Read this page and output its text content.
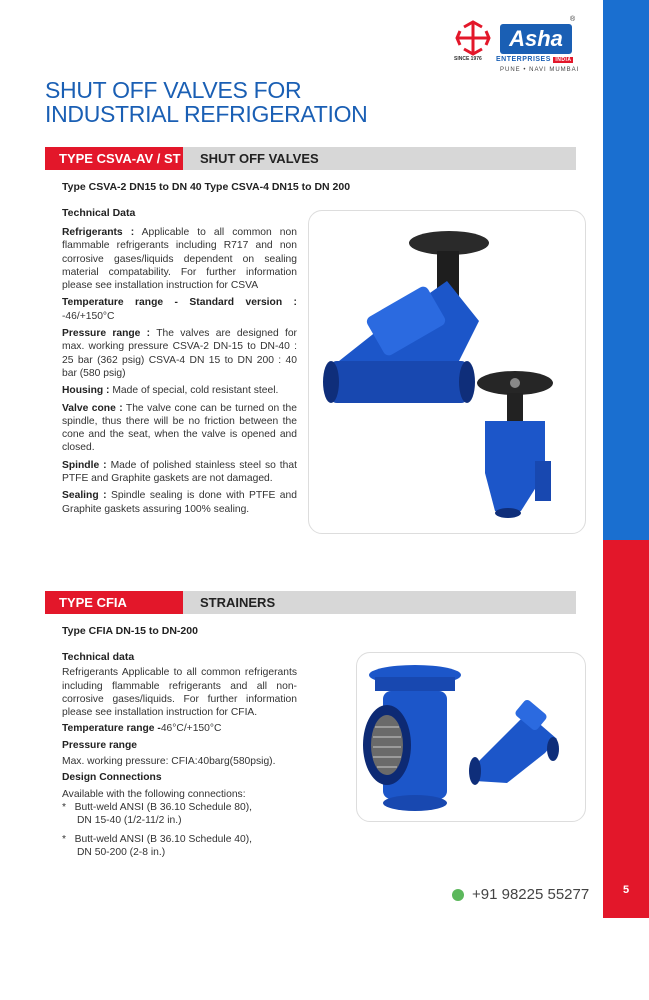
5
SINCE 1976
Asha
®
ENTERPRISES INDIA
PUNE • NAVI MUMBAI
SHUT OFF VALVES FOR
INDUSTRIAL REFRIGERATION
TYPE CSVA-AV / ST SHUT OFF VALVES
Type CSVA-2 DN15 to DN 40 Type CSVA-4 DN15 to DN 200
Technical Data
Refrigerants : Applicable to all common non flammable refrigerants including R717 and non corrosive gases/liquids dependent on sealing material compatability. For further information please see installation instruction for CSVA
Temperature range - Standard version : -46/+150°C
Pressure range : The valves are designed for max. working pressure CSVA-2 DN-15 to DN-40 : 25 bar (362 psig) CSVA-4 DN 15 to DN 200 : 40 bar (580 psig)
Housing : Made of special, cold resistant steel.
Valve cone : The valve cone can be turned on the spindle, thus there will be no friction between the cone and the seat, when the valve is opened and closed.
Spindle : Made of polished stainless steel so that PTFE and Graphite gaskets are not damaged.
Sealing : Spindle sealing is done with PTFE and Graphite gaskets assuring 100% sealing.
TYPE CFIA	STRAINERS
Type CFIA DN-15 to DN-200
Technical data
Refrigerants Applicable to all common refrigerants including flammable refrigerants and all non-corrosive gases/liquids. For further information please see installation instruction for CFIA.
Temperature range -46°C/+150°C
Pressure range
Max. working pressure: CFIA:40barg(580psig).
Design Connections
Available with the following connections:
*   Butt-weld ANSI (B 36.10 Schedule 80),
DN 15-40 (1/2-11/2 in.)
*   Butt-weld ANSI (B 36.10 Schedule 40),
DN 50-200 (2-8 in.)
+91 98225 55277
